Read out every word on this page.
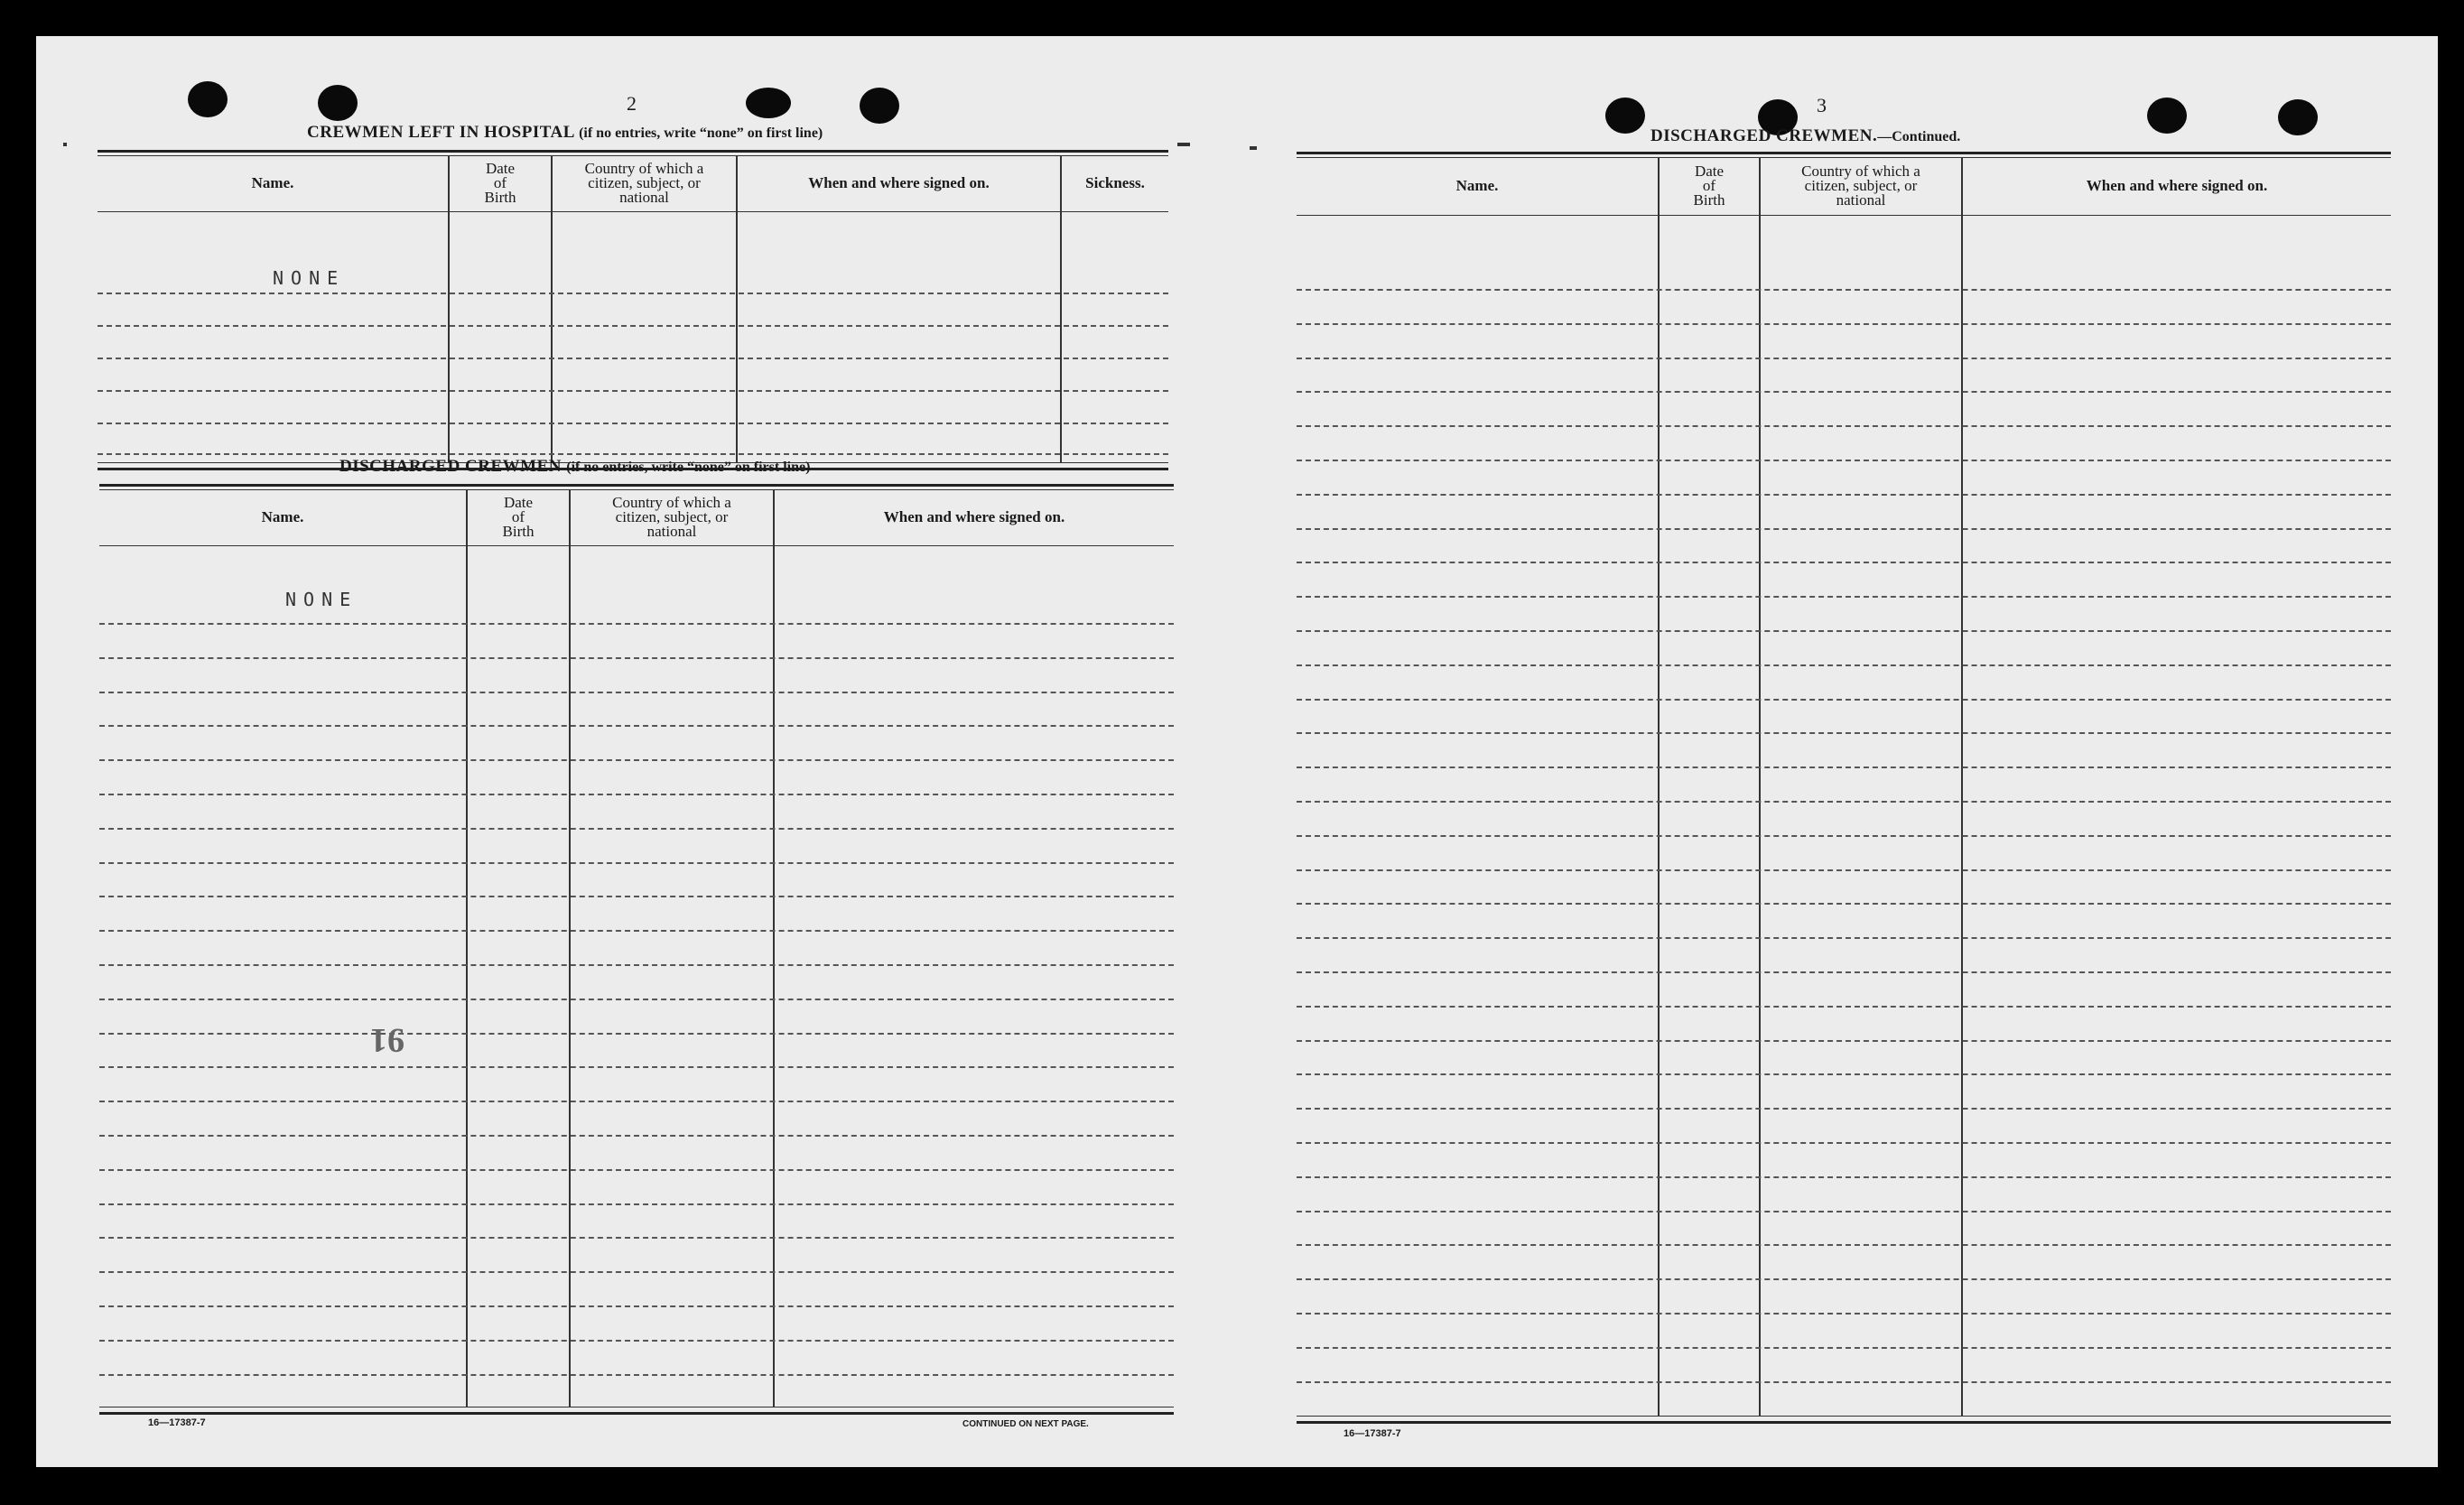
2
CREWMEN LEFT IN HOSPITAL (if no entries, write “none” on first line)
Name.
Date
of
Birth
Country of which a
citizen, subject, or
national
When and where signed on.	Sickness.
NONE
DISCHARGED CREWMEN (if no entries, write “none” on first line)
Name.
Date
of
Birth
Country of which a
citizen, subject, or
national
When and where signed on.
NONE
91
16—17387-7	CONTINUED ON NEXT PAGE.
3
DISCHARGED CREWMEN.—Continued.
Name.
Date
of
Birth
Country of which a
citizen, subject, or
national
When and where signed on.
16—17387-7
